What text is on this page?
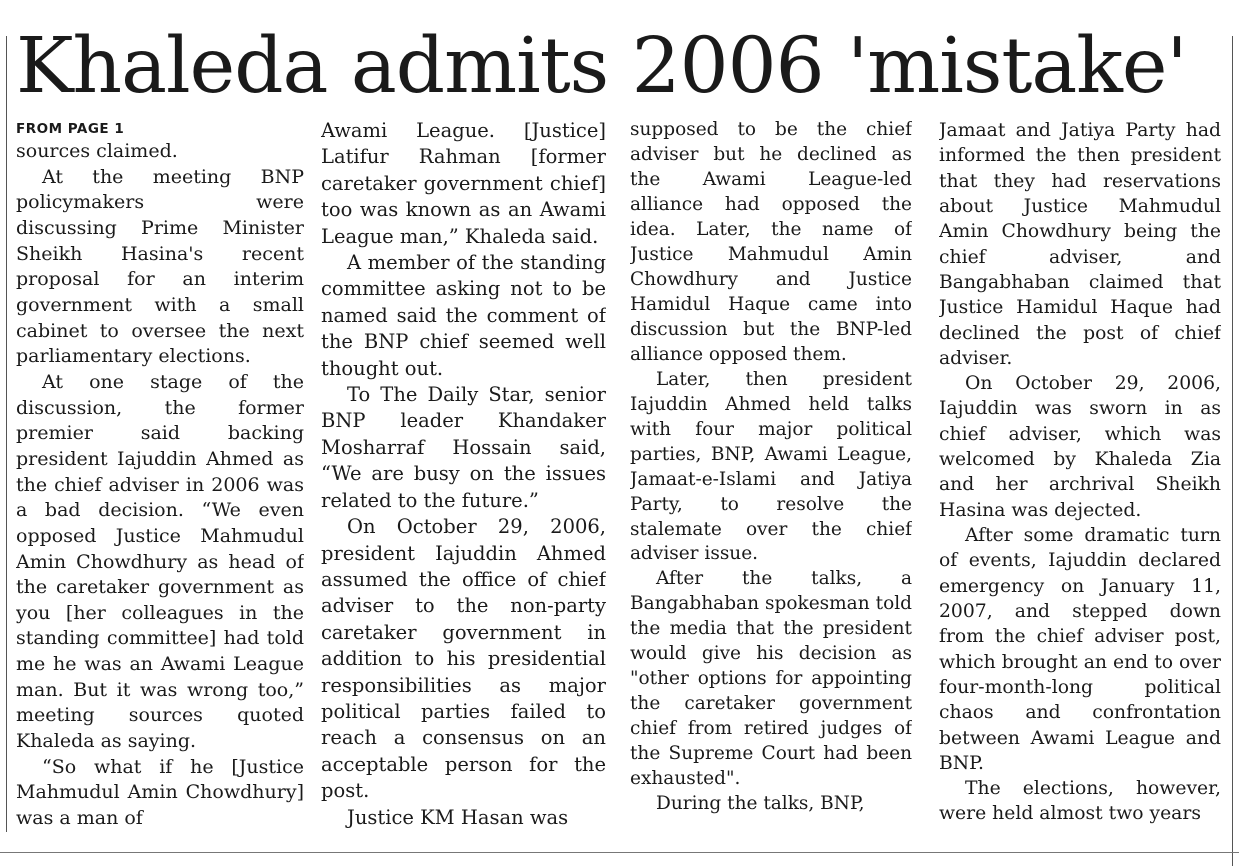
Khaleda admits 2006 'mistake'
FROM PAGE 1

sources claimed.

At the meeting BNP policymakers were discussing Prime Minister Sheikh Hasina's recent proposal for an interim government with a small cabinet to oversee the next parliamentary elections.

At one stage of the discussion, the former premier said backing president Iajuddin Ahmed as the chief adviser in 2006 was a bad decision. “We even opposed Justice Mahmudul Amin Chowdhury as head of the caretaker government as you [her colleagues in the standing committee] had told me he was an Awami League man. But it was wrong too,” meeting sources quoted Khaleda as saying.

“So what if he [Justice Mahmudul Amin Chowdhury] was a man of

Awami League. [Justice] Latifur Rahman [former caretaker government chief] too was known as an Awami League man,” Khaleda said.

A member of the standing committee asking not to be named said the comment of the BNP chief seemed well thought out.

To The Daily Star, senior BNP leader Khandaker Mosharraf Hossain said, “We are busy on the issues related to the future.”

On October 29, 2006, president Iajuddin Ahmed assumed the office of chief adviser to the non-party caretaker government in addition to his presidential responsibilities as major political parties failed to reach a consensus on an acceptable person for the post.

Justice KM Hasan was

supposed to be the chief adviser but he declined as the Awami League-led alliance had opposed the idea. Later, the name of Justice Mahmudul Amin Chowdhury and Justice Hamidul Haque came into discussion but the BNP-led alliance opposed them.

Later, then president Iajuddin Ahmed held talks with four major political parties, BNP, Awami League, Jamaat-e-Islami and Jatiya Party, to resolve the stalemate over the chief adviser issue.

After the talks, a Bangabhaban spokesman told the media that the president would give his decision as "other options for appointing the caretaker government chief from retired judges of the Supreme Court had been exhausted".

During the talks, BNP,

Jamaat and Jatiya Party had informed the then president that they had reservations about Justice Mahmudul Amin Chowdhury being the chief adviser, and Bangabhaban claimed that Justice Hamidul Haque had declined the post of chief adviser.

On October 29, 2006, Iajuddin was sworn in as chief adviser, which was welcomed by Khaleda Zia and her archrival Sheikh Hasina was dejected.

After some dramatic turn of events, Iajuddin declared emergency on January 11, 2007, and stepped down from the chief adviser post, which brought an end to over four-month-long political chaos and confrontation between Awami League and BNP.

The elections, however, were held almost two years
